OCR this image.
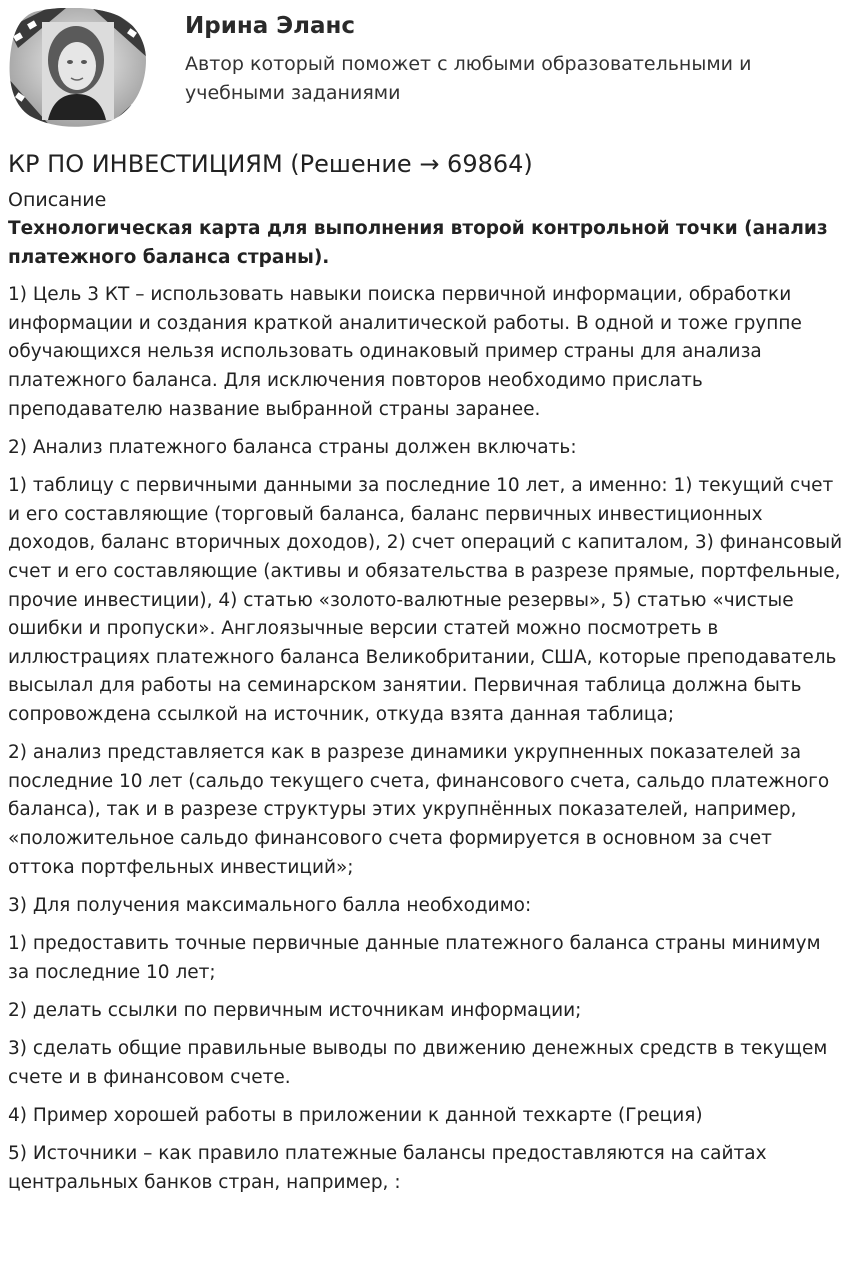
Ирина Эланс
Автор который поможет с любыми образовательными и учебными заданиями
КР ПО ИНВЕСТИЦИЯМ (Решение → 69864)
Описание

Технологическая карта для выполнения второй контрольной точки (анализ платежного баланса страны).

1) Цель 3 КТ – использовать навыки поиска первичной информации, обработки информации и создания краткой аналитической работы. В одной и тоже группе обучающихся нельзя использовать одинаковый пример страны для анализа платежного баланса. Для исключения повторов необходимо прислать преподавателю название выбранной страны заранее.

2) Анализ платежного баланса страны должен включать:

1) таблицу с первичными данными за последние 10 лет, а именно: 1) текущий счет и его составляющие (торговый баланса, баланс первичных инвестиционных доходов, баланс вторичных доходов), 2) счет операций с капиталом, 3) финансовый счет и его составляющие (активы и обязательства в разрезе прямые, портфельные, прочие инвестиции), 4) статью «золото-валютные резервы», 5) статью «чистые ошибки и пропуски». Англоязычные версии статей можно посмотреть в иллюстрациях платежного баланса Великобритании, США, которые преподаватель высылал для работы на семинарском занятии. Первичная таблица должна быть сопровождена ссылкой на источник, откуда взята данная таблица;

2) анализ представляется как в разрезе динамики укрупненных показателей за последние 10 лет (сальдо текущего счета, финансового счета, сальдо платежного баланса), так и в разрезе структуры этих укрупнённых показателей, например, «положительное сальдо финансового счета формируется в основном за счет оттока портфельных инвестиций»;

3) Для получения максимального балла необходимо:

1) предоставить точные первичные данные платежного баланса страны минимум за последние 10 лет;

2) делать ссылки по первичным источникам информации;

3) сделать общие правильные выводы по движению денежных средств в текущем счете и в финансовом счете.

4) Пример хорошей работы в приложении к данной техкарте (Греция)

5) Источники – как правило платежные балансы предоставляются на сайтах центральных банков стран, например, :
